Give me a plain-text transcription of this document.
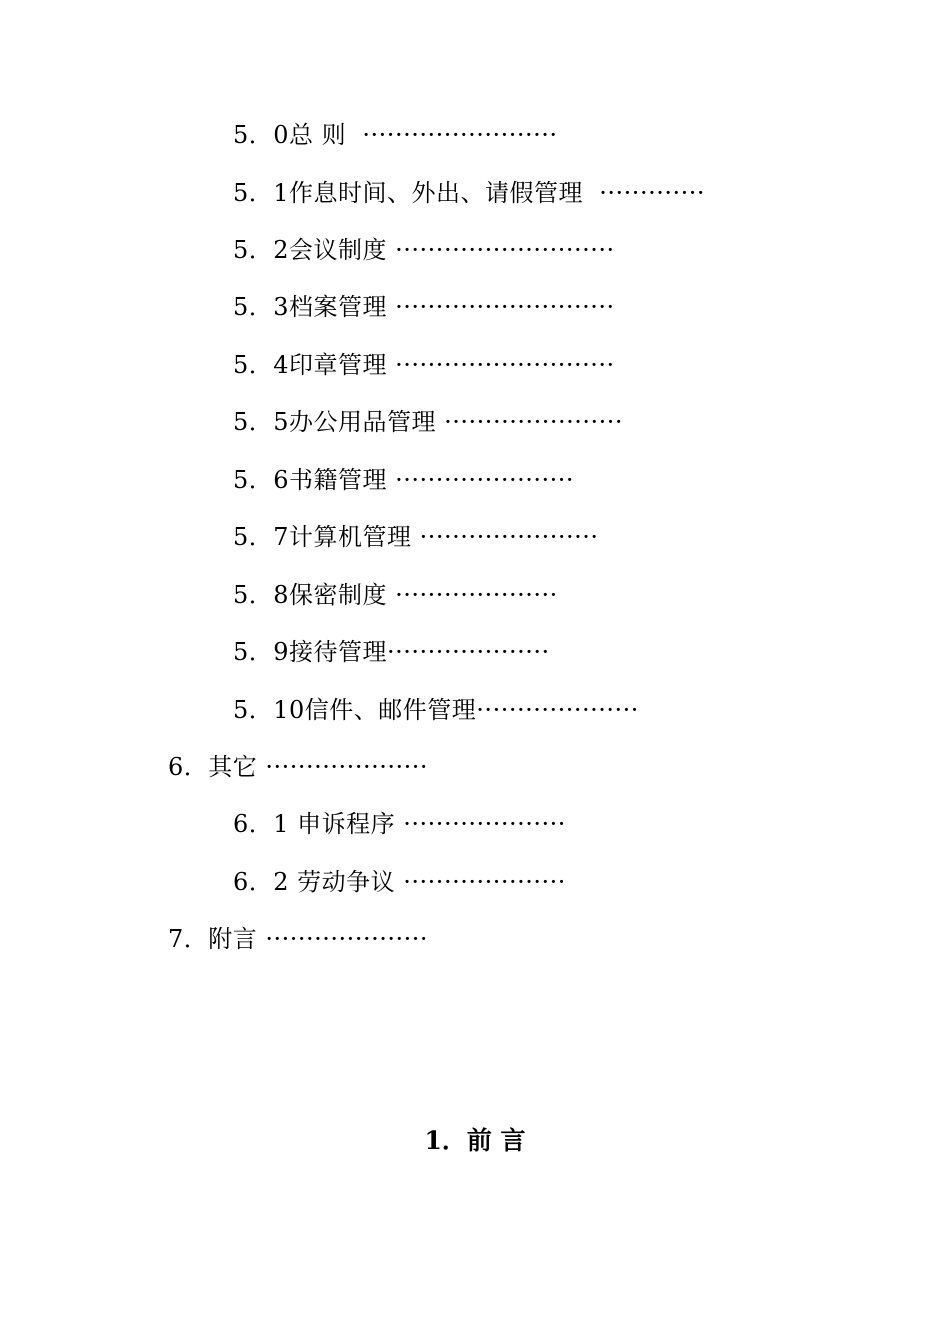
5．0总 则  ························
5．1作息时间、外出、请假管理  ·············
5．2会议制度 ···························
5．3档案管理 ···························
5．4印章管理 ···························
5．5办公用品管理 ······················
5．6书籍管理 ······················
5．7计算机管理 ······················
5．8保密制度 ····················
5．9接待管理····················
5．10信件、邮件管理····················
6．其它 ····················
6．1 申诉程序 ····················
6．2 劳动争议 ····················
7．附言 ····················
1．前 言
